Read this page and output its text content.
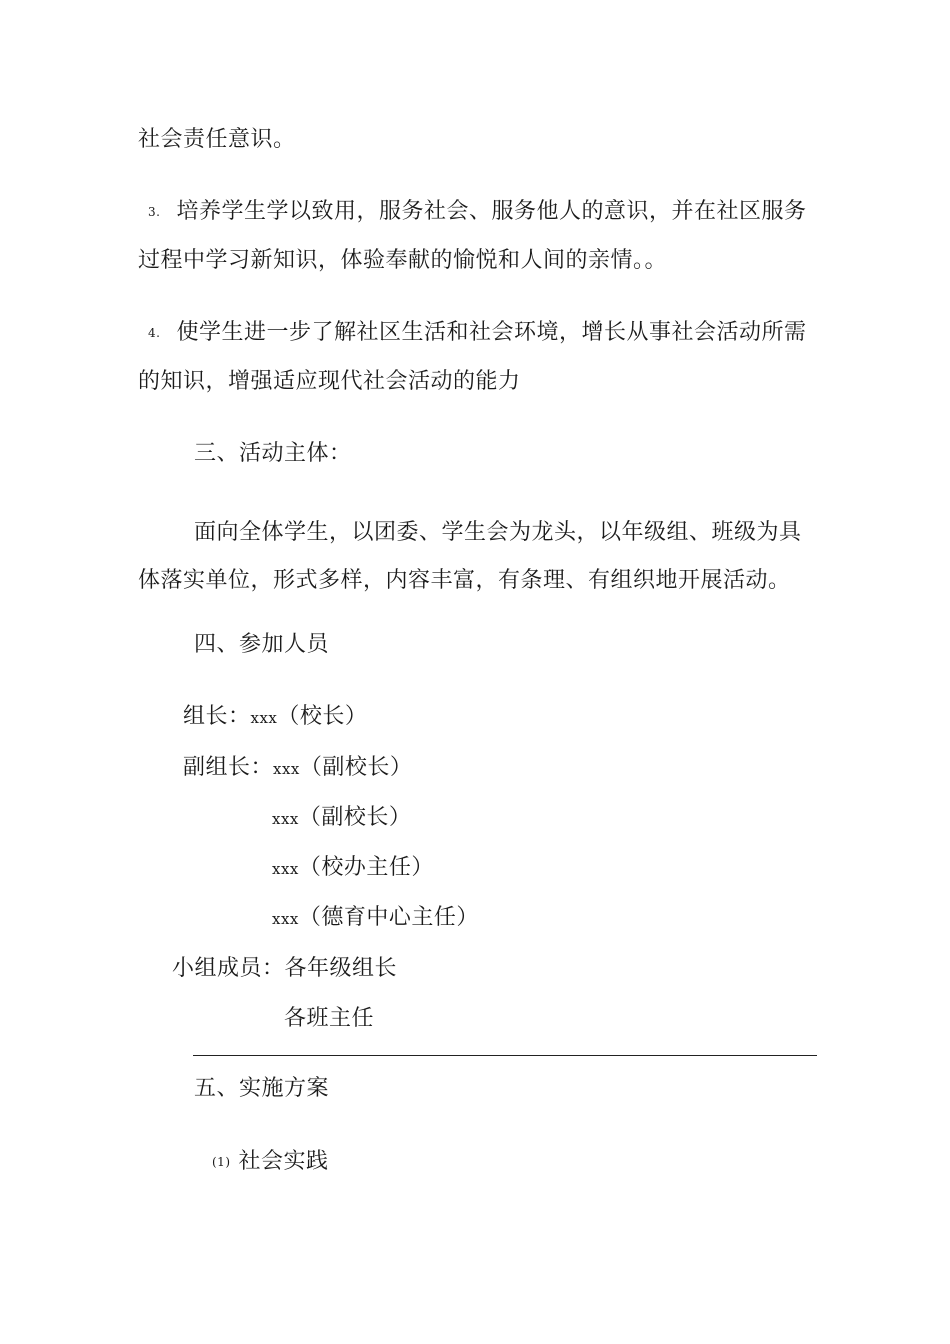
社会责任意识。

3. 培养学生学以致用，服务社会、服务他人的意识，并在社区服务

过程中学习新知识，体验奉献的愉悦和人间的亲情。。

4. 使学生进一步了解社区生活和社会环境，增长从事社会活动所需

的知识，增强适应现代社会活动的能力

三、活动主体：

面向全体学生，以团委、学生会为龙头，以年级组、班级为具

体落实单位，形式多样，内容丰富，有条理、有组织地开展活动。

四、参加人员

组长：xxx（校长）

副组长：xxx（副校长）

xxx（副校长）

xxx（校办主任）

xxx（德育中心主任）

小组成员：各年级组长

各班主任

五、实施方案

(1) 社会实践
